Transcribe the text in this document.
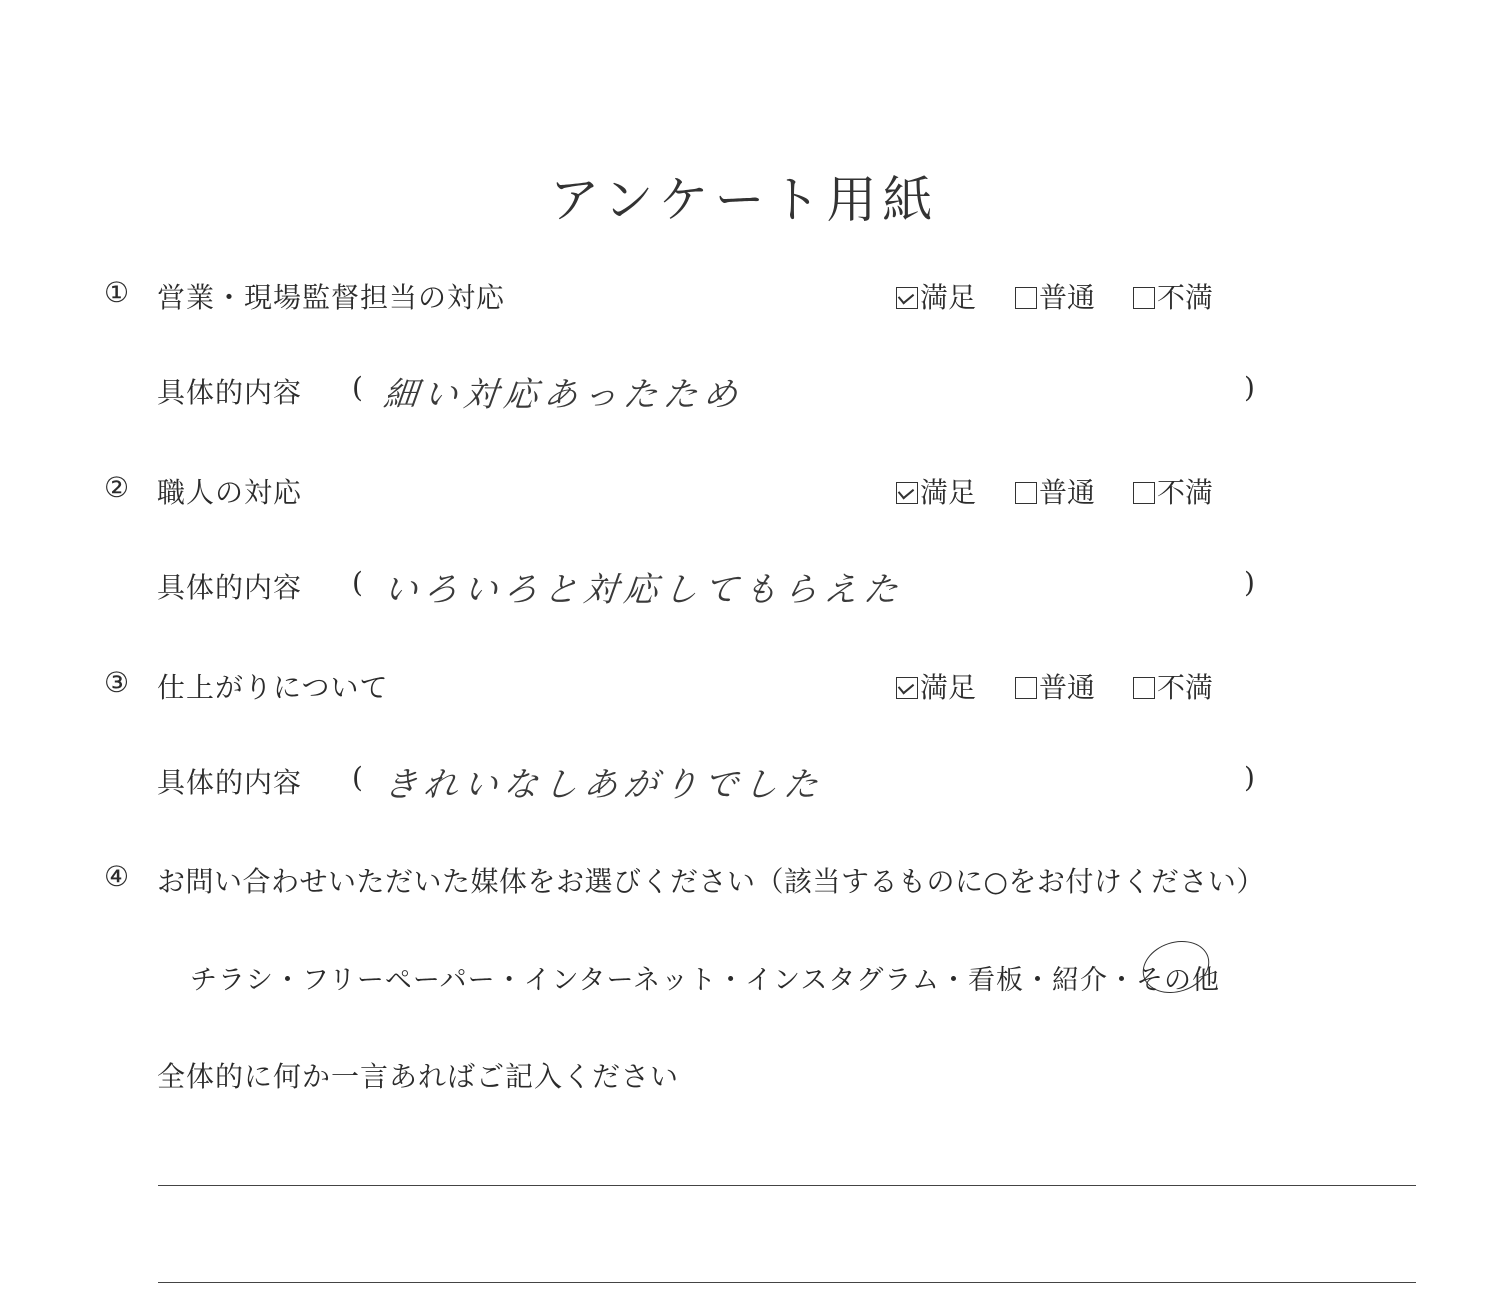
アンケート用紙
① 営業・現場監督担当の対応	満足	普通	不満
具体的内容 ( 細い対応あったため	)
② 職人の対応	満足	普通	不満
具体的内容 ( いろいろと対応してもらえた	)
③ 仕上がりについて	満足	普通	不満
具体的内容 ( きれいなしあがりでした	)
④ お問い合わせいただいた媒体をお選びください（該当するものに○をお付けください）
チラシ・フリーペーパー・インターネット・インスタグラム・看板・紹介・その他
全体的に何か一言あればご記入ください
